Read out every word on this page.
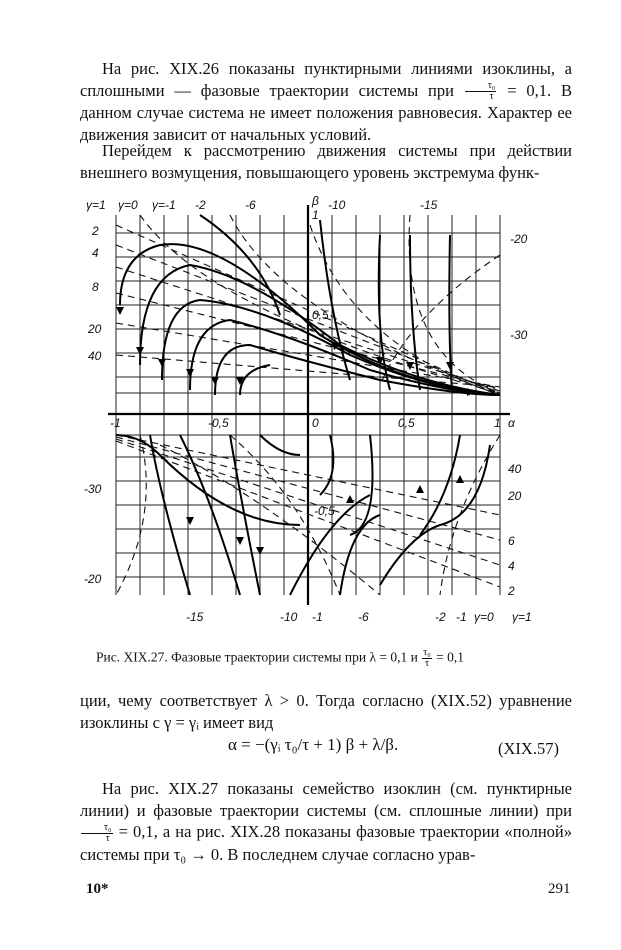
На рис. XIX.26 показаны пунктирными линиями изоклины, а сплошными — фазовые траектории системы при $\frac{\text{τ₀}}{\tau} = 0,1$. В данном случае система не имеет положения равновесия. Характер ее движения зависит от начальных условий.
Перейдем к рассмотрению движения системы при действии внешнего возмущения, повышающего уровень экстремума функ-
γ=1 γ=0 γ=-1 -2	-6	β
1
-10	-15
2
4
8
20
40
-20
-30
-1	-0,5	0	0,5	1 α
0,5
-0,5
-30
-20
40
20
6
4
2
-15	-10 -1	-6	-2 -1 γ=0 γ=1
Рис. XIX.27. Фазовые траектории системы при λ = 0,1 и $\frac{\text{τ₀}}{\tau} = 0,1$
ции, чему соответствует λ > 0. Тогда согласно (XIX.52) уравнение изоклины с γ = γᵢ имеет вид
α = −(γᵢ τ₀/τ + 1) β + λ/β.	(XIX.57)
На рис. XIX.27 показаны семейство изоклин (см. пунктирные линии) и фазовые траектории системы (см. сплошные линии) при
$\frac{\text{τ₀}}{\tau} = 0,1$, а на рис. XIX.28 показаны фазовые траектории «полной» системы при τ₀ → 0. В последнем случае согласно урав-
10*	291
